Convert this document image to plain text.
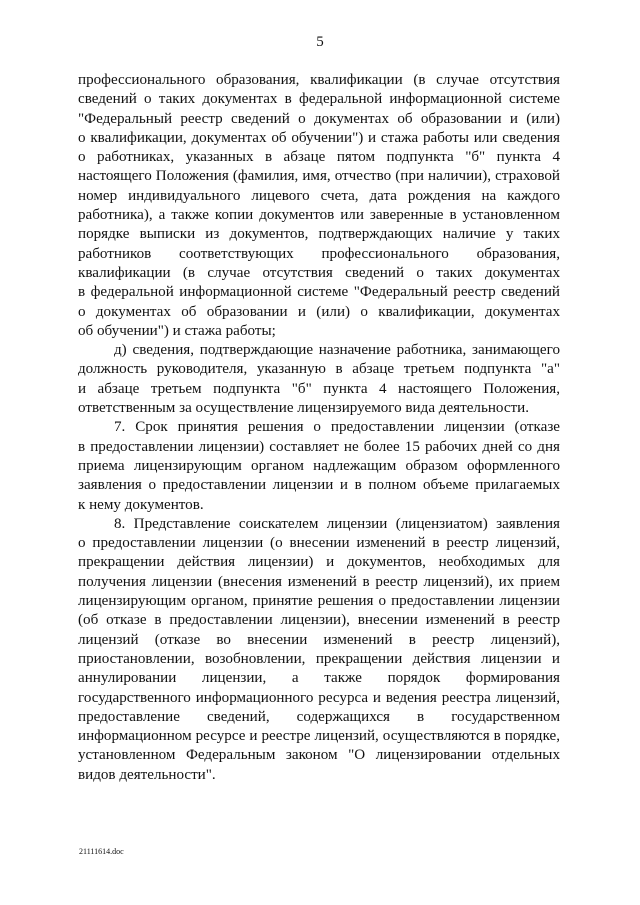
5
профессионального образования, квалификации (в случае отсутствия
сведений о таких документах в федеральной информационной системе
"Федеральный реестр сведений о документах об образовании и (или)
о квалификации, документах об обучении") и стажа работы или сведения
о работниках, указанных в абзаце пятом подпункта "б" пункта 4
настоящего Положения (фамилия, имя, отчество (при наличии), страховой
номер индивидуального лицевого счета, дата рождения на каждого
работника), а также копии документов или заверенные в установленном
порядке выписки из документов, подтверждающих наличие у таких
работников соответствующих профессионального образования,
квалификации (в случае отсутствия сведений о таких документах
в федеральной информационной системе "Федеральный реестр сведений
о документах об образовании и (или) о квалификации, документах
об обучении") и стажа работы;
д) сведения, подтверждающие назначение работника, занимающего
должность руководителя, указанную в абзаце третьем подпункта "а"
и абзаце третьем подпункта "б" пункта 4 настоящего Положения,
ответственным за осуществление лицензируемого вида деятельности.
7. Срок принятия решения о предоставлении лицензии (отказе
в предоставлении лицензии) составляет не более 15 рабочих дней со дня
приема лицензирующим органом надлежащим образом оформленного
заявления о предоставлении лицензии и в полном объеме прилагаемых
к нему документов.
8. Представление соискателем лицензии (лицензиатом) заявления
о предоставлении лицензии (о внесении изменений в реестр лицензий,
прекращении действия лицензии) и документов, необходимых для
получения лицензии (внесения изменений в реестр лицензий), их прием
лицензирующим органом, принятие решения о предоставлении лицензии
(об отказе в предоставлении лицензии), внесении изменений в реестр
лицензий (отказе во внесении изменений в реестр лицензий),
приостановлении, возобновлении, прекращении действия лицензии и
аннулировании лицензии, а также порядок формирования
государственного информационного ресурса и ведения реестра лицензий,
предоставление сведений, содержащихся в государственном
информационном ресурсе и реестре лицензий, осуществляются в порядке,
установленном Федеральным законом "О лицензировании отдельных
видов деятельности".
21111614.doc
